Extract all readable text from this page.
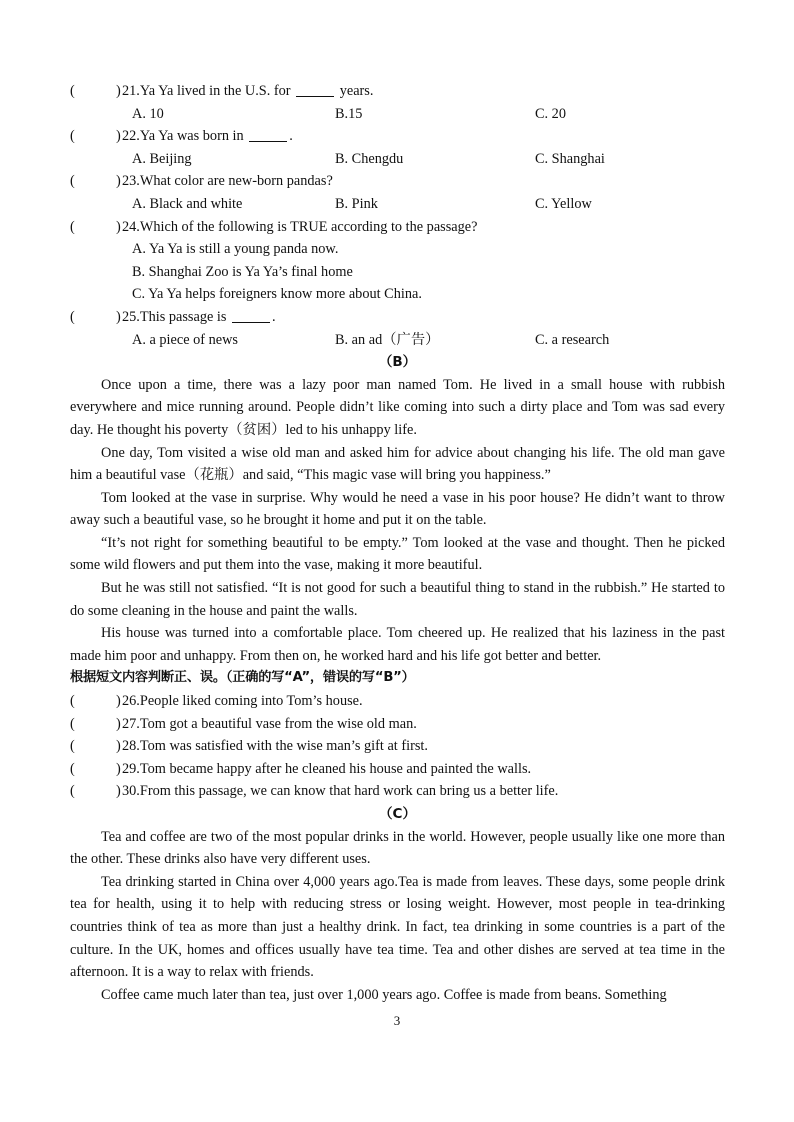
(	) 21.Ya Ya lived in the U.S. for	years.
A. 10	B.15	C. 20
(	) 22.Ya Ya was born in	.
A. Beijing	B. Chengdu	C. Shanghai
(	) 23.What color are new-born pandas?
A. Black and white	B. Pink	C. Yellow
(	) 24.Which of the following is TRUE according to the passage?
A. Ya Ya is still a young panda now.
B. Shanghai Zoo is Ya Ya’s final home
C. Ya Ya helps foreigners know more about China.
(	) 25.This passage is	.
A. a piece of news	B. an ad（广告）	C. a research
（B）

Once upon a time, there was a lazy poor man named Tom. He lived in a small house with rubbish everywhere and mice running around. People didn’t like coming into such a dirty place and Tom was sad every day. He thought his poverty（贫困）led to his unhappy life.

One day, Tom visited a wise old man and asked him for advice about changing his life. The old man gave him a beautiful vase（花瓶）and said, “This magic vase will bring you happiness.”

Tom looked at the vase in surprise. Why would he need a vase in his poor house? He didn’t want to throw away such a beautiful vase, so he brought it home and put it on the table.

“It’s not right for something beautiful to be empty.” Tom looked at the vase and thought. Then he picked some wild flowers and put them into the vase, making it more beautiful.

But he was still not satisfied. “It is not good for such a beautiful thing to stand in the rubbish.” He started to do some cleaning in the house and paint the walls.

His house was turned into a comfortable place. Tom cheered up. He realized that his laziness in the past made him poor and unhappy. From then on, he worked hard and his life got better and better.

根据短文内容判断正、误。（正确的写“A”，错误的写“B”）
(	) 26.People liked coming into Tom’s house.
(	) 27.Tom got a beautiful vase from the wise old man.
(	) 28.Tom was satisfied with the wise man’s gift at first.
(	) 29.Tom became happy after he cleaned his house and painted the walls.
(	) 30.From this passage, we can know that hard work can bring us a better life.
（C）

Tea and coffee are two of the most popular drinks in the world. However, people usually like one more than the other. These drinks also have very different uses.

Tea drinking started in China over 4,000 years ago.Tea is made from leaves. These days, some people drink tea for health, using it to help with reducing stress or losing weight. However, most people in tea-drinking countries think of tea as more than just a healthy drink. In fact, tea drinking in some countries is a part of the culture. In the UK, homes and offices usually have tea time. Tea and other dishes are served at tea time in the afternoon. It is a way to relax with friends.

Coffee came much later than tea, just over 1,000 years ago. Coffee is made from beans. Something

3
